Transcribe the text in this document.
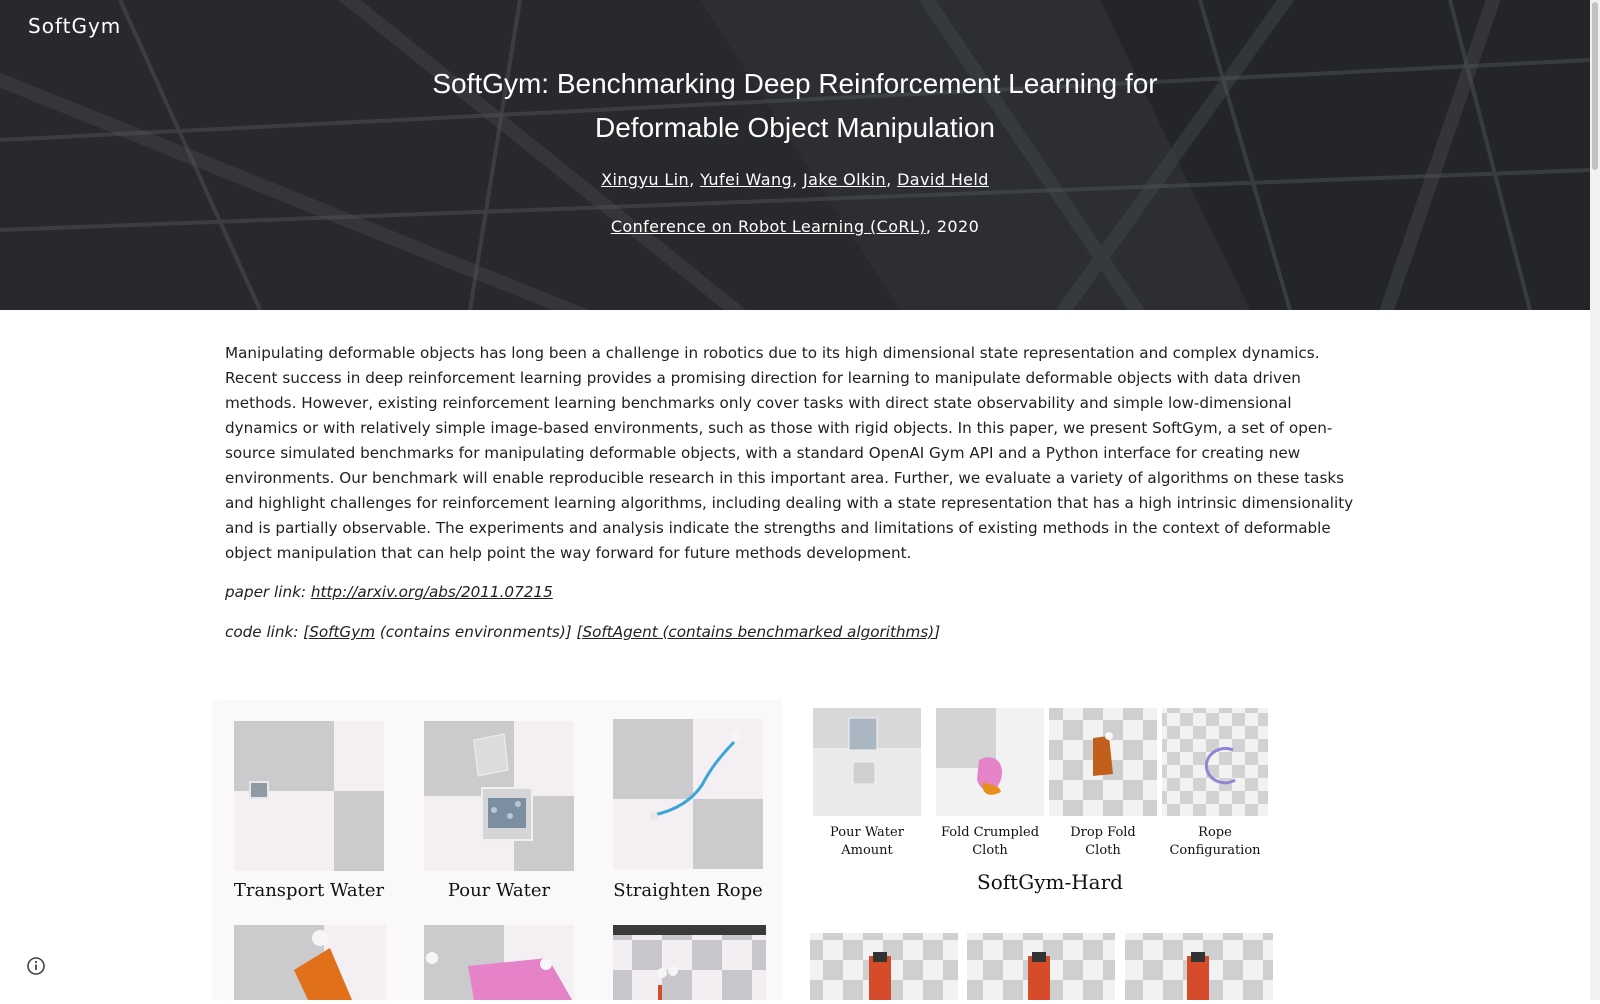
SoftGym
SoftGym: Benchmarking Deep Reinforcement Learning for Deformable Object Manipulation
Xingyu Lin, Yufei Wang, Jake Olkin, David Held
Conference on Robot Learning (CoRL), 2020

Manipulating deformable objects has long been a challenge in robotics due to its high dimensional state representation and complex dynamics. Recent success in deep reinforcement learning provides a promising direction for learning to manipulate deformable objects with data driven methods. However, existing reinforcement learning benchmarks only cover tasks with direct state observability and simple low-dimensional dynamics or with relatively simple image-based environments, such as those with rigid objects. In this paper, we present SoftGym, a set of open-source simulated benchmarks for manipulating deformable objects, with a standard OpenAI Gym API and a Python interface for creating new environments. Our benchmark will enable reproducible research in this important area. Further, we evaluate a variety of algorithms on these tasks and highlight challenges for reinforcement learning algorithms, including dealing with a state representation that has a high intrinsic dimensionality and is partially observable. The experiments and analysis indicate the strengths and limitations of existing methods in the context of deformable object manipulation that can help point the way forward for future methods development.

paper link: http://arxiv.org/abs/2011.07215
code link: [SoftGym (contains environments)] [SoftAgent (contains benchmarked algorithms)]
Transport Water	Pour Water	Straighten Rope
Pour Water
Amount
Fold Crumpled
Cloth
Drop Fold
Cloth
Rope
Configuration
SoftGym-Hard
